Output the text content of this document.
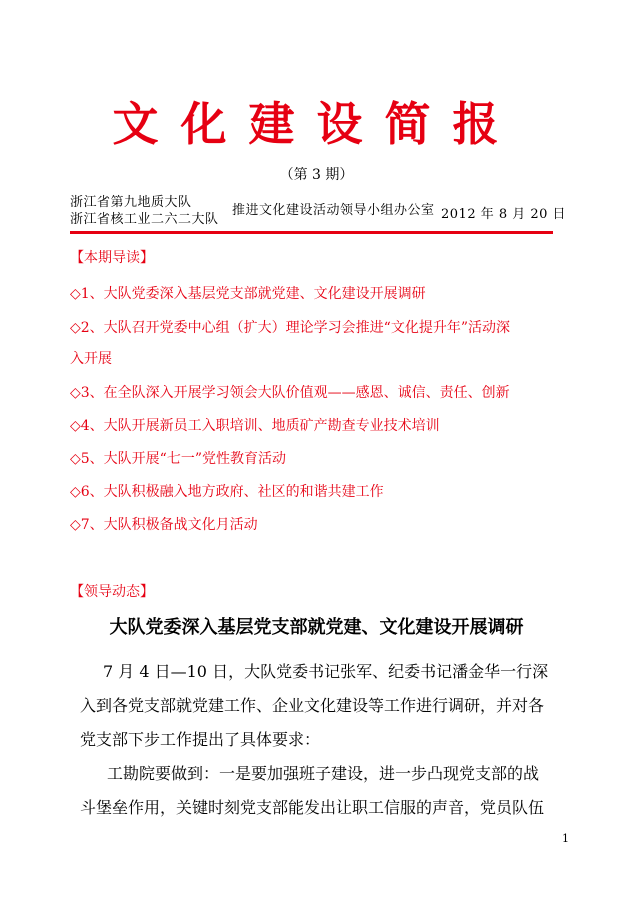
文化建设简报
（第 3 期）
浙江省第九地质大队
浙江省核工业二六二大队
推进文化建设活动领导小组办公室 2012 年 8 月 20 日
【本期导读】
◇1、大队党委深入基层党支部就党建、文化建设开展调研
◇2、大队召开党委中心组（扩大）理论学习会推进“文化提升年”活动深
入开展
◇3、在全队深入开展学习领会大队价值观——感恩、诚信、责任、创新
◇4、大队开展新员工入职培训、地质矿产勘查专业技术培训
◇5、大队开展“七一”党性教育活动
◇6、大队积极融入地方政府、社区的和谐共建工作
◇7、大队积极备战文化月活动
【领导动态】
大队党委深入基层党支部就党建、文化建设开展调研
7 月 4 日—10 日，大队党委书记张军、纪委书记潘金华一行深
入到各党支部就党建工作、企业文化建设等工作进行调研，并对各
党支部下步工作提出了具体要求：
工勘院要做到：一是要加强班子建设，进一步凸现党支部的战
斗堡垒作用，关键时刻党支部能发出让职工信服的声音，党员队伍
1
